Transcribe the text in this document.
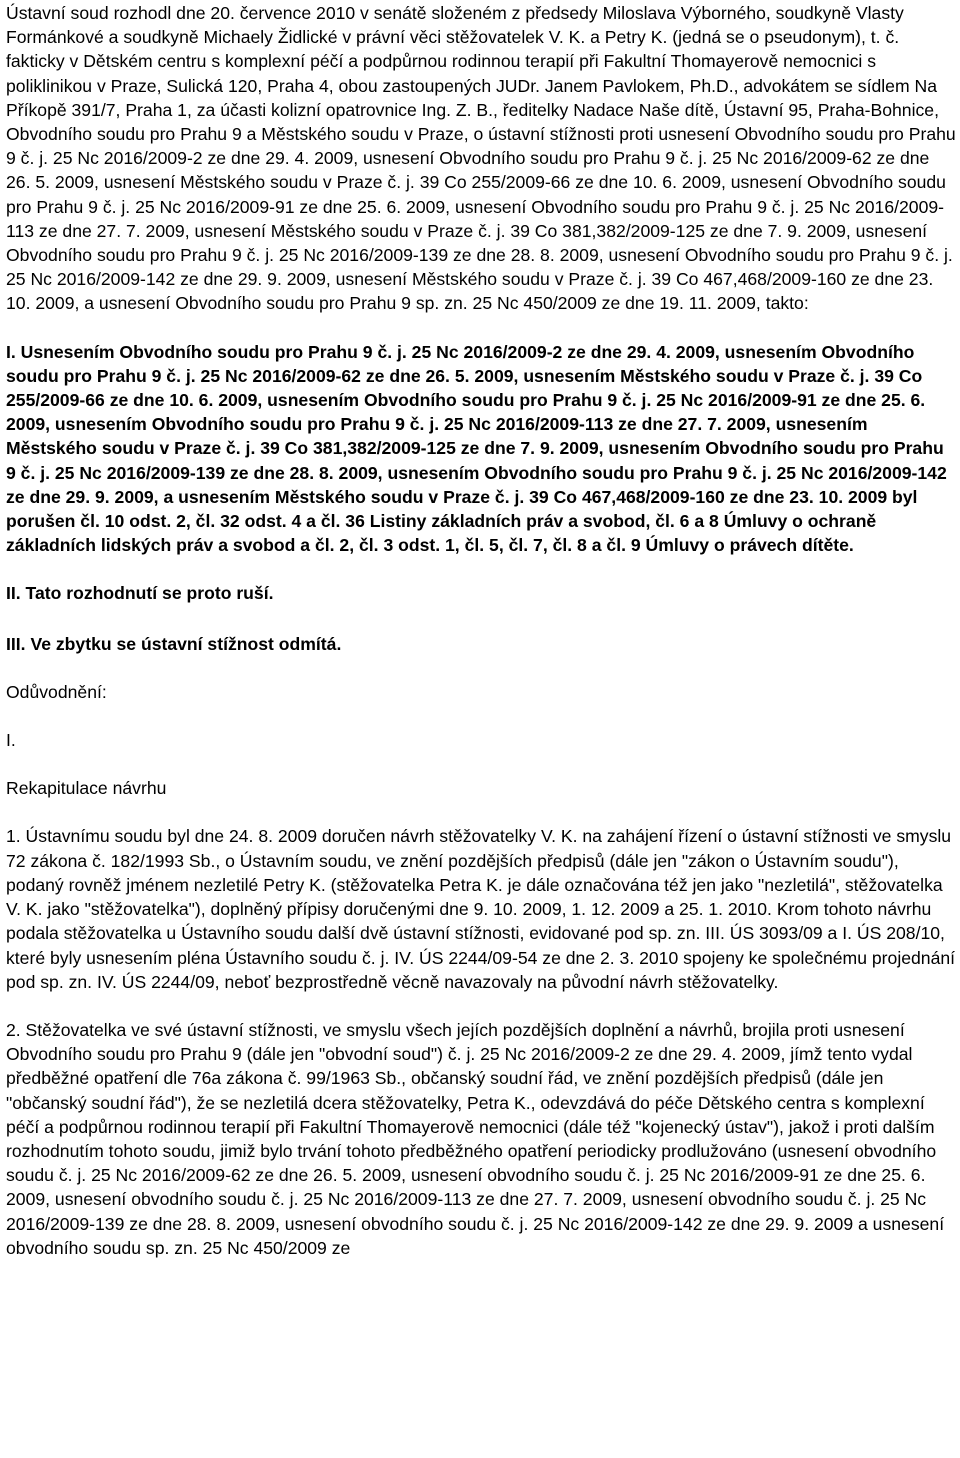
Ústavní soud rozhodl dne 20. července 2010 v senátě složeném z předsedy Miloslava Výborného, soudkyně Vlasty Formánkové a soudkyně Michaely Židlické v právní věci stěžovatelek V. K. a Petry K. (jedná se o pseudonym), t. č. fakticky v Dětském centru s komplexní péčí a podpůrnou rodinnou terapií při Fakultní Thomayerově nemocnici s poliklinikou v Praze, Sulická 120, Praha 4, obou zastoupených JUDr. Janem Pavlokem, Ph.D., advokátem se sídlem Na Příkopě 391/7, Praha 1, za účasti kolizní opatrovnice Ing. Z. B., ředitelky Nadace Naše dítě, Ústavní 95, Praha-Bohnice, Obvodního soudu pro Prahu 9 a Městského soudu v Praze, o ústavní stížnosti proti usnesení Obvodního soudu pro Prahu 9 č. j. 25 Nc 2016/2009-2 ze dne 29. 4. 2009, usnesení Obvodního soudu pro Prahu 9 č. j. 25 Nc 2016/2009-62 ze dne 26. 5. 2009, usnesení Městského soudu v Praze č. j. 39 Co 255/2009-66 ze dne 10. 6. 2009, usnesení Obvodního soudu pro Prahu 9 č. j. 25 Nc 2016/2009-91 ze dne 25. 6. 2009, usnesení Obvodního soudu pro Prahu 9 č. j. 25 Nc 2016/2009-113 ze dne 27. 7. 2009, usnesení Městského soudu v Praze č. j. 39 Co 381,382/2009-125 ze dne 7. 9. 2009, usnesení Obvodního soudu pro Prahu 9 č. j. 25 Nc 2016/2009-139 ze dne 28. 8. 2009, usnesení Obvodního soudu pro Prahu 9 č. j. 25 Nc 2016/2009-142 ze dne 29. 9. 2009, usnesení Městského soudu v Praze č. j. 39 Co 467,468/2009-160 ze dne 23. 10. 2009, a usnesení Obvodního soudu pro Prahu 9 sp. zn. 25 Nc 450/2009 ze dne 19. 11. 2009, takto:

I. Usnesením Obvodního soudu pro Prahu 9 č. j. 25 Nc 2016/2009-2 ze dne 29. 4. 2009, usnesením Obvodního soudu pro Prahu 9 č. j. 25 Nc 2016/2009-62 ze dne 26. 5. 2009, usnesením Městského soudu v Praze č. j. 39 Co 255/2009-66 ze dne 10. 6. 2009, usnesením Obvodního soudu pro Prahu 9 č. j. 25 Nc 2016/2009-91 ze dne 25. 6. 2009, usnesením Obvodního soudu pro Prahu 9 č. j. 25 Nc 2016/2009-113 ze dne 27. 7. 2009, usnesením Městského soudu v Praze č. j. 39 Co 381,382/2009-125 ze dne 7. 9. 2009, usnesením Obvodního soudu pro Prahu 9 č. j. 25 Nc 2016/2009-139 ze dne 28. 8. 2009, usnesením Obvodního soudu pro Prahu 9 č. j. 25 Nc 2016/2009-142 ze dne 29. 9. 2009, a usnesením Městského soudu v Praze č. j. 39 Co 467,468/2009-160 ze dne 23. 10. 2009 byl porušen čl. 10 odst. 2, čl. 32 odst. 4 a čl. 36 Listiny základních práv a svobod, čl. 6 a 8 Úmluvy o ochraně základních lidských práv a svobod a čl. 2, čl. 3 odst. 1, čl. 5, čl. 7, čl. 8 a čl. 9 Úmluvy o právech dítěte.

II. Tato rozhodnutí se proto ruší.

III. Ve zbytku se ústavní stížnost odmítá.

Odůvodnění:

I.

Rekapitulace návrhu

1. Ústavnímu soudu byl dne 24. 8. 2009 doručen návrh stěžovatelky V. K. na zahájení řízení o ústavní stížnosti ve smyslu 72 zákona č. 182/1993 Sb., o Ústavním soudu, ve znění pozdějších předpisů (dále jen "zákon o Ústavním soudu"), podaný rovněž jménem nezletilé Petry K. (stěžovatelka Petra K. je dále označována též jen jako "nezletilá", stěžovatelka V. K. jako "stěžovatelka"), doplněný přípisy doručenými dne 9. 10. 2009, 1. 12. 2009 a 25. 1. 2010. Krom tohoto návrhu podala stěžovatelka u Ústavního soudu další dvě ústavní stížnosti, evidované pod sp. zn. III. ÚS 3093/09 a I. ÚS 208/10, které byly usnesením pléna Ústavního soudu č. j. IV. ÚS 2244/09-54 ze dne 2. 3. 2010 spojeny ke společnému projednání pod sp. zn. IV. ÚS 2244/09, neboť bezprostředně věcně navazovaly na původní návrh stěžovatelky.

2. Stěžovatelka ve své ústavní stížnosti, ve smyslu všech jejích pozdějších doplnění a návrhů, brojila proti usnesení Obvodního soudu pro Prahu 9 (dále jen "obvodní soud") č. j. 25 Nc 2016/2009-2 ze dne 29. 4. 2009, jímž tento vydal předběžné opatření dle 76a zákona č. 99/1963 Sb., občanský soudní řád, ve znění pozdějších předpisů (dále jen "občanský soudní řád"), že se nezletilá dcera stěžovatelky, Petra K., odevzdává do péče Dětského centra s komplexní péčí a podpůrnou rodinnou terapií při Fakultní Thomayerově nemocnici (dále též "kojenecký ústav"), jakož i proti dalším rozhodnutím tohoto soudu, jimiž bylo trvání tohoto předběžného opatření periodicky prodlužováno (usnesení obvodního soudu č. j. 25 Nc 2016/2009-62 ze dne 26. 5. 2009, usnesení obvodního soudu č. j. 25 Nc 2016/2009-91 ze dne 25. 6. 2009, usnesení obvodního soudu č. j. 25 Nc 2016/2009-113 ze dne 27. 7. 2009, usnesení obvodního soudu č. j. 25 Nc 2016/2009-139 ze dne 28. 8. 2009, usnesení obvodního soudu č. j. 25 Nc 2016/2009-142 ze dne 29. 9. 2009 a usnesení obvodního soudu sp. zn. 25 Nc 450/2009 ze
